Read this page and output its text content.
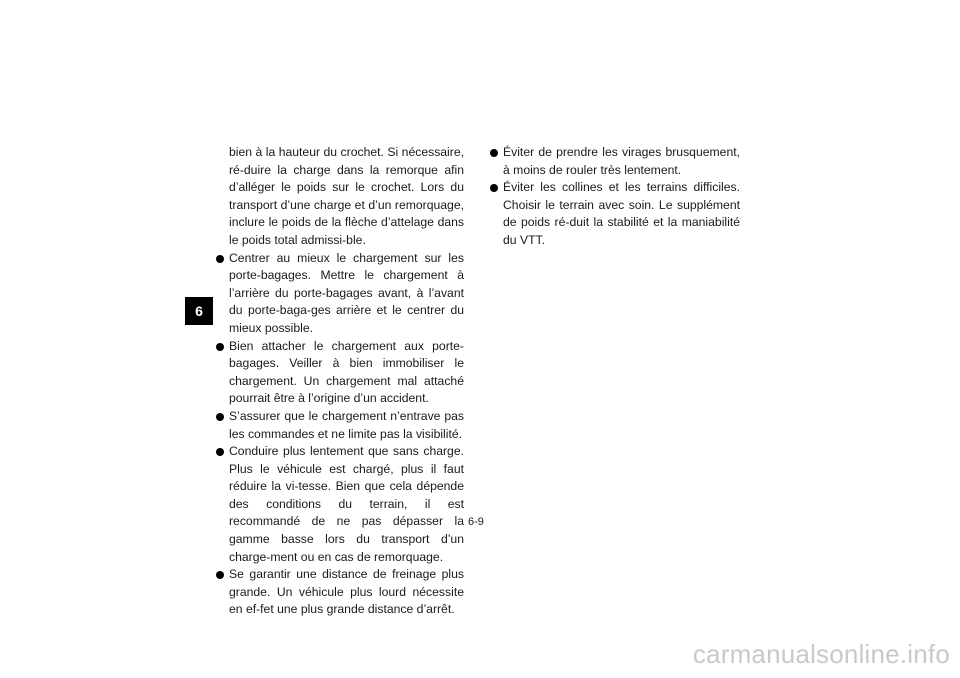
6

bien à la hauteur du crochet. Si nécessaire, ré-duire la charge dans la remorque afin d’alléger le poids sur le crochet. Lors du transport d’une charge et d’un remorquage, inclure le poids de la flèche d’attelage dans le poids total admissi-ble.

Centrer au mieux le chargement sur les porte-bagages. Mettre le chargement à l’arrière du porte-bagages avant, à l’avant du porte-baga-ges arrière et le centrer du mieux possible.
Bien attacher le chargement aux porte-bagages. Veiller à bien immobiliser le chargement. Un chargement mal attaché pourrait être à l’origine d’un accident.
S’assurer que le chargement n’entrave pas les commandes et ne limite pas la visibilité.
Conduire plus lentement que sans charge. Plus le véhicule est chargé, plus il faut réduire la vi-tesse. Bien que cela dépende des conditions du terrain, il est recommandé de ne pas dépasser la gamme basse lors du transport d’un charge-ment ou en cas de remorquage.
Se garantir une distance de freinage plus grande. Un véhicule plus lourd nécessite en ef-fet une plus grande distance d’arrêt.
Éviter de prendre les virages brusquement, à moins de rouler très lentement.
Éviter les collines et les terrains difficiles. Choisir le terrain avec soin. Le supplément de poids ré-duit la stabilité et la maniabilité du VTT.
6-9
carmanualsonline.info
